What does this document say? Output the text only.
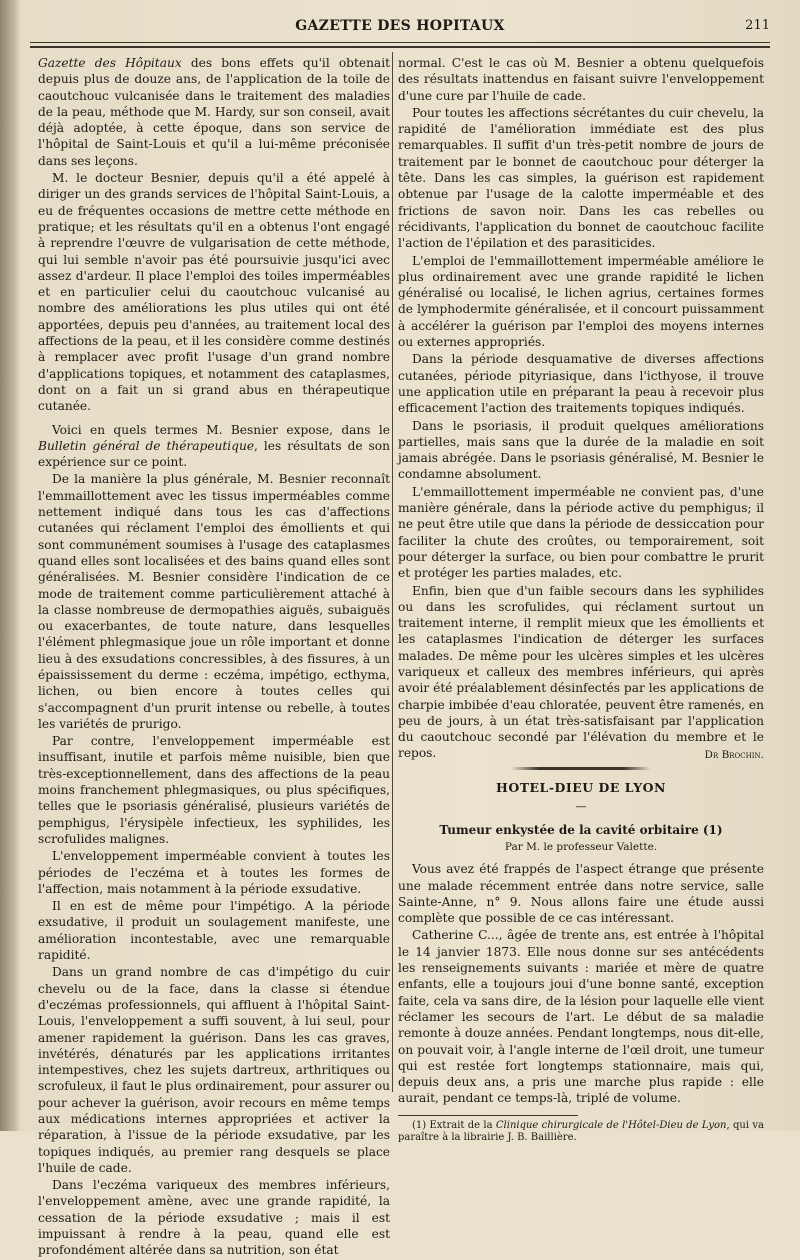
GAZETTE DES HOPITAUX	211

Gazette des Hôpitaux des bons effets qu'il obtenait depuis plus de douze ans, de l'application de la toile de caoutchouc vulcanisée dans le traitement des maladies de la peau, méthode que M. Hardy, sur son conseil, avait déjà adoptée, à cette époque, dans son service de l'hôpital de Saint-Louis et qu'il a lui-même préconisée dans ses leçons.

M. le docteur Besnier, depuis qu'il a été appelé à diriger un des grands services de l'hôpital Saint-Louis, a eu de fréquentes occasions de mettre cette méthode en pratique; et les résultats qu'il en a obtenus l'ont engagé à reprendre l'œuvre de vulgarisation de cette méthode, qui lui semble n'avoir pas été poursuivie jusqu'ici avec assez d'ardeur. Il place l'emploi des toiles imperméables et en particulier celui du caoutchouc vulcanisé au nombre des améliorations les plus utiles qui ont été apportées, depuis peu d'années, au traitement local des affections de la peau, et il les considère comme destinés à remplacer avec profit l'usage d'un grand nombre d'applications topiques, et notamment des cataplasmes, dont on a fait un si grand abus en thérapeutique cutanée.

Voici en quels termes M. Besnier expose, dans le Bulletin général de thérapeutique, les résultats de son expérience sur ce point.

De la manière la plus générale, M. Besnier reconnaît l'emmaillottement avec les tissus imperméables comme nettement indiqué dans tous les cas d'affections cutanées qui réclament l'emploi des émollients et qui sont communément soumises à l'usage des cataplasmes quand elles sont localisées et des bains quand elles sont généralisées. M. Besnier considère l'indication de ce mode de traitement comme particulièrement attaché à la classe nombreuse de dermopathies aiguës, subaiguës ou exacerbantes, de toute nature, dans lesquelles l'élément phlegmasique joue un rôle important et donne lieu à des exsudations concressibles, à des fissures, à un épaississement du derme : eczéma, impétigo, ecthyma, lichen, ou bien encore à toutes celles qui s'accompagnent d'un prurit intense ou rebelle, à toutes les variétés de prurigo.

Par contre, l'enveloppement imperméable est insuffisant, inutile et parfois même nuisible, bien que très-exceptionnellement, dans des affections de la peau moins franchement phlegmasiques, ou plus spécifiques, telles que le psoriasis généralisé, plusieurs variétés de pemphigus, l'érysipèle infectieux, les syphilides, les scrofulides malignes.

L'enveloppement imperméable convient à toutes les périodes de l'eczéma et à toutes les formes de l'affection, mais notamment à la période exsudative.

Il en est de même pour l'impétigo. A la période exsudative, il produit un soulagement manifeste, une amélioration incontestable, avec une remarquable rapidité.

Dans un grand nombre de cas d'impétigo du cuir chevelu ou de la face, dans la classe si étendue d'eczémas professionnels, qui affluent à l'hôpital Saint-Louis, l'enveloppement a suffi souvent, à lui seul, pour amener rapidement la guérison. Dans les cas graves, invétérés, dénaturés par les applications irritantes intempestives, chez les sujets dartreux, arthritiques ou scrofuleux, il faut le plus ordinairement, pour assurer ou pour achever la guérison, avoir recours en même temps aux médications internes appropriées et activer la réparation, à l'issue de la période exsudative, par les topiques indiqués, au premier rang desquels se place l'huile de cade.

Dans l'eczéma variqueux des membres inférieurs, l'enveloppement amène, avec une grande rapidité, la cessation de la période exsudative ; mais il est impuissant à rendre à la peau, quand elle est profondément altérée dans sa nutrition, son état

normal. C'est le cas où M. Besnier a obtenu quelquefois des résultats inattendus en faisant suivre l'enveloppement d'une cure par l'huile de cade.

Pour toutes les affections sécrétantes du cuir chevelu, la rapidité de l'amélioration immédiate est des plus remarquables. Il suffit d'un très-petit nombre de jours de traitement par le bonnet de caoutchouc pour déterger la tête. Dans les cas simples, la guérison est rapidement obtenue par l'usage de la calotte imperméable et des frictions de savon noir. Dans les cas rebelles ou récidivants, l'application du bonnet de caoutchouc facilite l'action de l'épilation et des parasiticides.

L'emploi de l'emmaillottement imperméable améliore le plus ordinairement avec une grande rapidité le lichen généralisé ou localisé, le lichen agrius, certaines formes de lymphodermite généralisée, et il concourt puissamment à accélérer la guérison par l'emploi des moyens internes ou externes appropriés.

Dans la période desquamative de diverses affections cutanées, période pityriasique, dans l'icthyose, il trouve une application utile en préparant la peau à recevoir plus efficacement l'action des traitements topiques indiqués.

Dans le psoriasis, il produit quelques améliorations partielles, mais sans que la durée de la maladie en soit jamais abrégée. Dans le psoriasis généralisé, M. Besnier le condamne absolument.

L'emmaillottement imperméable ne convient pas, d'une manière générale, dans la période active du pemphigus; il ne peut être utile que dans la période de dessiccation pour faciliter la chute des croûtes, ou temporairement, soit pour déterger la surface, ou bien pour combattre le prurit et protéger les parties malades, etc.

Enfin, bien que d'un faible secours dans les syphilides ou dans les scrofulides, qui réclament surtout un traitement interne, il remplit mieux que les émollients et les cataplasmes l'indication de déterger les surfaces malades. De même pour les ulcères simples et les ulcères variqueux et calleux des membres inférieurs, qui après avoir été préalablement désinfectés par les applications de charpie imbibée d'eau chloratée, peuvent être ramenés, en peu de jours, à un état très-satisfaisant par l'application du caoutchouc secondé par l'élévation du membre et le repos.	Dr Brochin.
HOTEL-DIEU DE LYON
—
Tumeur enkystée de la cavité orbitaire (1)
Par M. le professeur Valette.

Vous avez été frappés de l'aspect étrange que présente une malade récemment entrée dans notre service, salle Sainte-Anne, n° 9. Nous allons faire une étude aussi complète que possible de ce cas intéressant.

Catherine C..., âgée de trente ans, est entrée à l'hôpital le 14 janvier 1873. Elle nous donne sur ses antécédents les renseignements suivants : mariée et mère de quatre enfants, elle a toujours joui d'une bonne santé, exception faite, cela va sans dire, de la lésion pour laquelle elle vient réclamer les secours de l'art. Le début de sa maladie remonte à douze années. Pendant longtemps, nous dit-elle, on pouvait voir, à l'angle interne de l'œil droit, une tumeur qui est restée fort longtemps stationnaire, mais qui, depuis deux ans, a pris une marche plus rapide : elle aurait, pendant ce temps-là, triplé de volume.

(1) Extrait de la Clinique chirurgicale de l'Hôtel-Dieu de Lyon, qui va paraître à la librairie J. B. Baillière.
